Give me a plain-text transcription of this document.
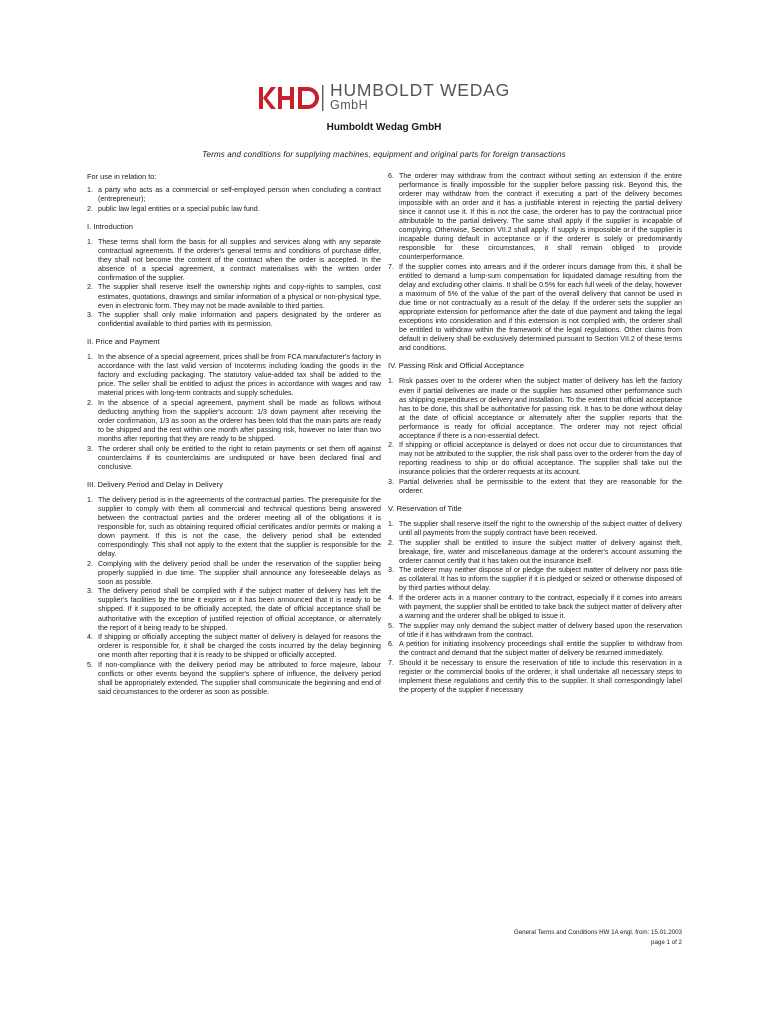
HUMBOLDT WEDAG
GmbH
Humboldt Wedag GmbH

Terms and conditions for supplying machines, equipment and original parts for foreign transactions

For use in relation to:

1. a party who acts as a commercial or self-employed person when concluding a contract (entrepreneur);
2. public law legal entities or a special public law fund.
I. Introduction
1. These terms shall form the basis for all supplies and services along with any separate contractual agreements. If the orderer's general terms and conditions of purchase differ, they shall not become the content of the contract when the order is accepted. In the absence of a special agreement, a contract materialises with the written order confirmation of the supplier.
2. The supplier shall reserve itself the ownership rights and copy-rights to samples, cost estimates, quotations, drawings and similar information of a physical or non-physical type, even in electronic form. They may not be made available to third parties.
3. The supplier shall only make information and papers designated by the orderer as confidential available to third parties with its permission.
II. Price and Payment
1. In the absence of a special agreement, prices shall be from FCA manufacturer's factory in accordance with the last valid version of Incoterms including loading the goods in the factory and excluding packaging. The statutory value-added tax shall be added to the price. The seller shall be entitled to adjust the prices in accordance with wages and raw material prices with long-term contracts and supply schedules.
2. In the absence of a special agreement, payment shall be made as follows without deducting anything from the supplier's account: 1/3 down payment after receiving the order confirmation, 1/3 as soon as the orderer has been told that the main parts are ready to be shipped and the rest within one month after passing risk, however no later than two months after reporting that they are ready to be shipped.
3. The orderer shall only be entitled to the right to retain payments or set them off against counterclaims if its counterclaims are undisputed or have been declared final and conclusive.
III. Delivery Period and Delay in Delivery
1. The delivery period is in the agreements of the contractual parties. The prerequisite for the supplier to comply with them all commercial and technical questions being answered between the contractual parties and the orderer meeting all of the obligations it is responsible for, such as obtaining required official certificates and/or permits or making a down payment. If this is not the case, the delivery period shall be extended correspondingly. This shall not apply to the extent that the supplier is responsible for the delay.
2. Complying with the delivery period shall be under the reservation of the supplier being properly supplied in due time. The supplier shall announce any foreseeable delays as soon as possible.
3. The delivery period shall be complied with if the subject matter of delivery has left the supplier's facilities by the time it expires or it has been announced that it is ready to be shipped. If it supposed to be officially accepted, the date of official acceptance shall be authoritative with the exception of justified rejection of official acceptance, or alternately the report of it being ready to be shipped.
4. If shipping or officially accepting the subject matter of delivery is delayed for reasons the orderer is responsible for, it shall be charged the costs incurred by the delay beginning one month after reporting that it is ready to be shipped or officially accepted.
5. If non-compliance with the delivery period may be attributed to force majeure, labour conflicts or other events beyond the supplier's sphere of influence, the delivery period shall be appropriately extended. The supplier shall communicate the beginning and end of said circumstances to the orderer as soon as possible.
6. The orderer may withdraw from the contract without setting an extension if the entire performance is finally impossible for the supplier before passing risk. Beyond this, the orderer may withdraw from the contract if executing a part of the delivery becomes impossible with an order and it has a justifiable interest in rejecting the partial delivery since it cannot use it. If this is not the case, the orderer has to pay the contractual price attributable to the partial delivery. The same shall apply if the supplier is incapable of complying. Otherwise, Section VII.2 shall apply. If supply is impossible or if the supplier is incapable during default in acceptance or if the orderer is solely or predominantly responsible for these circumstances, it shall remain obliged to provide counterperformance.
7. If the supplier comes into arrears and if the orderer incurs damage from this, it shall be entitled to demand a lump-sum compensation for liquidated damage resulting from the delay and excluding other claims. It shall be 0.5% for each full week of the delay, however a maximum of 5% of the value of the part of the overall delivery that cannot be used in due time or not contractually as a result of the delay. If the orderer sets the supplier an appropriate extension for performance after the date of due payment and taking the legal exceptions into consideration and if this extension is not complied with, the orderer shall be entitled to withdraw within the framework of the legal regulations. Other claims from default in delivery shall be exclusively determined pursuant to Section VII.2 of these terms and conditions.
IV. Passing Risk and Official Acceptance
1. Risk passes over to the orderer when the subject matter of delivery has left the factory even if partial deliveries are made or the supplier has assumed other performance such as shipping expenditures or delivery and installation. To the extent that official acceptance has to be done, this shall be authoritative for passing risk. It has to be done without delay at the date of official acceptance or alternately after the supplier reports that the performance is ready for official acceptance. The orderer may not reject official acceptance if there is a non-essential defect.
2. If shipping or official acceptance is delayed or does not occur due to circumstances that may not be attributed to the supplier, the risk shall pass over to the orderer from the day of reporting readiness to ship or do official acceptance. The supplier shall take out the insurance policies that the orderer requests at its account.
3. Partial deliveries shall be permissible to the extent that they are reasonable for the orderer.
V. Reservation of Title
1. The supplier shall reserve itself the right to the ownership of the subject matter of delivery until all payments from the supply contract have been received.
2. The supplier shall be entitled to insure the subject matter of delivery against theft, breakage, fire, water and miscellaneous damage at the orderer's account assuming the orderer cannot certify that it has taken out the insurance itself.
3. The orderer may neither dispose of or pledge the subject matter of delivery nor pass title as collateral. It has to inform the supplier if it is pledged or seized or otherwise disposed of by third parties without delay.
4. If the orderer acts in a manner contrary to the contract, especially if it comes into arrears with payment, the supplier shall be entitled to take back the subject matter of delivery after a warning and the orderer shall be obliged to issue it.
5. The supplier may only demand the subject matter of delivery based upon the reservation of title if it has withdrawn from the contract.
6. A petition for initiating insolvency proceedings shall entitle the supplier to withdraw from the contract and demand that the subject matter of delivery be returned immediately.
7. Should it be necessary to ensure the reservation of title to include this reservation in a register or the commercial books of the orderer, it shall undertake all necessary steps to implement these regulations and certify this to the supplier. It shall correspondingly label the property of the supplier if necessary
General Terms and Conditions HW 1A engl. from: 15.01.2003
page 1 of 2
